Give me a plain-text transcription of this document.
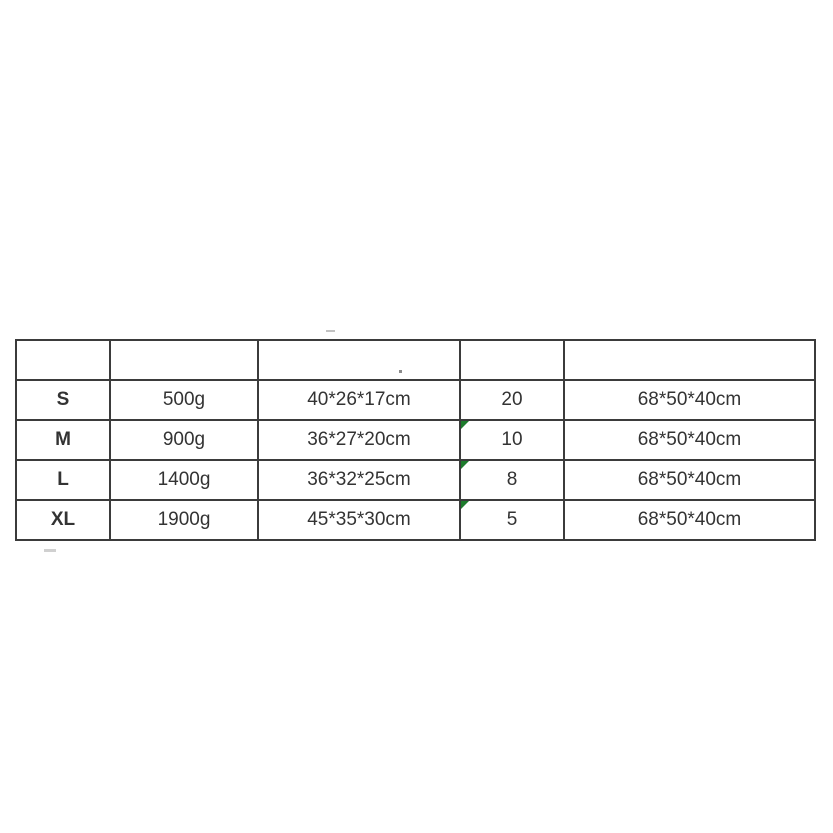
S	500g	40*26*17cm	20	68*50*40cm
M	900g	36*27*20cm	10	68*50*40cm
L	1400g	36*32*25cm	8	68*50*40cm
XL	1900g	45*35*30cm	5	68*50*40cm
